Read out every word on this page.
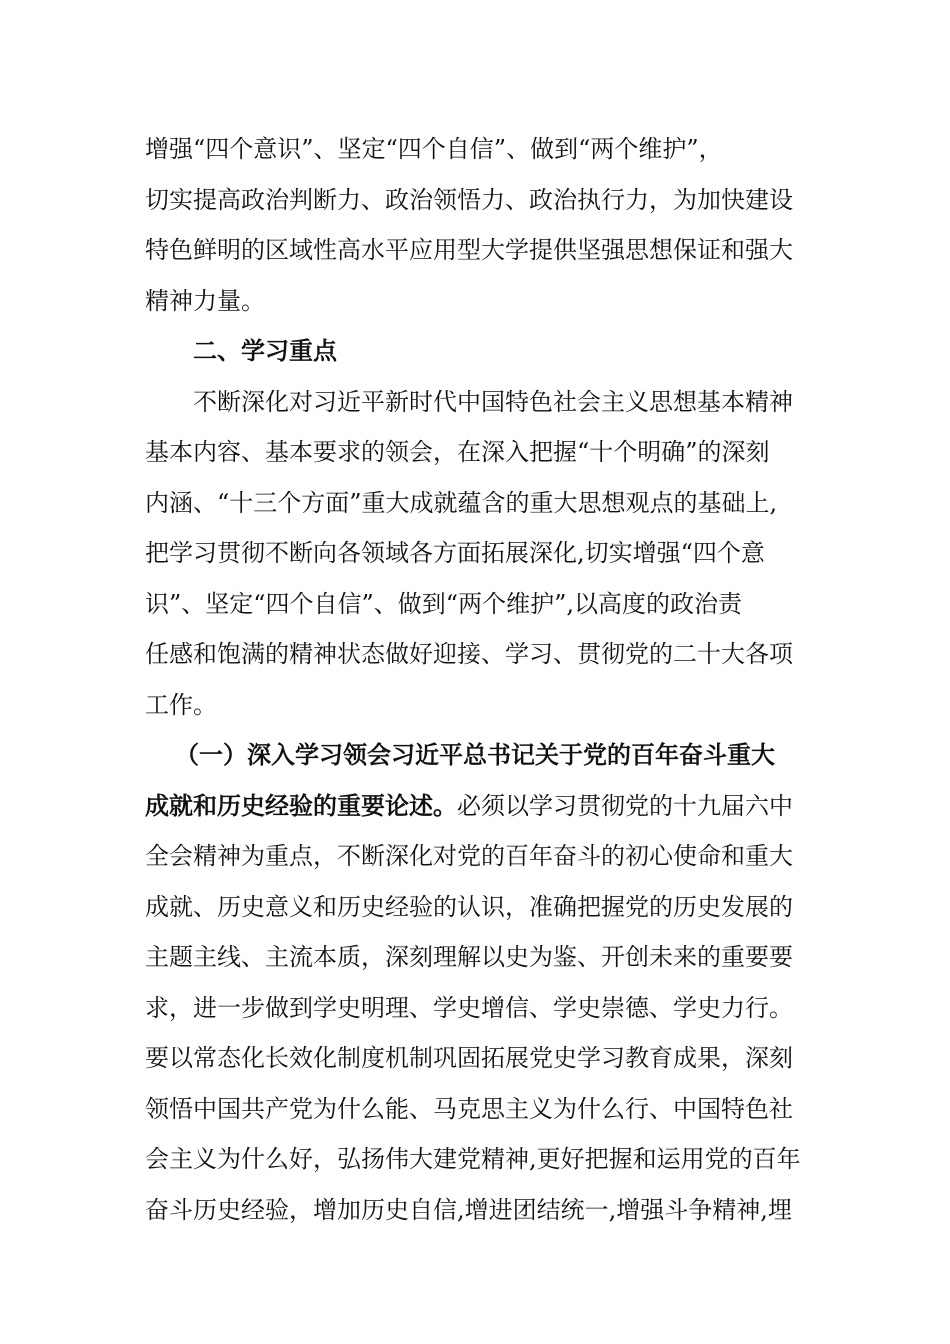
增强“四个意识”、坚定“四个自信”、做到“两个维护”，
切实提高政治判断力、政治领悟力、政治执行力，为加快建设
特色鲜明的区域性高水平应用型大学提供坚强思想保证和强大
精神力量。
二、学习重点
不断深化对习近平新时代中国特色社会主义思想基本精神
基本内容、基本要求的领会，在深入把握“十个明确”的深刻
内涵、“十三个方面”重大成就蕴含的重大思想观点的基础上,
把学习贯彻不断向各领域各方面拓展深化,切实增强“四个意
识”、坚定“四个自信”、做到“两个维护”,以高度的政治责
任感和饱满的精神状态做好迎接、学习、贯彻党的二十大各项
工作。
（一）深入学习领会习近平总书记关于党的百年奋斗重大
成就和历史经验的重要论述。必须以学习贯彻党的十九届六中
全会精神为重点，不断深化对党的百年奋斗的初心使命和重大
成就、历史意义和历史经验的认识，准确把握党的历史发展的
主题主线、主流本质，深刻理解以史为鉴、开创未来的重要要
求，进一步做到学史明理、学史增信、学史崇德、学史力行。
要以常态化长效化制度机制巩固拓展党史学习教育成果，深刻
领悟中国共产党为什么能、马克思主义为什么行、中国特色社
会主义为什么好，弘扬伟大建党精神,更好把握和运用党的百年
奋斗历史经验，增加历史自信,增进团结统一,增强斗争精神,埋
